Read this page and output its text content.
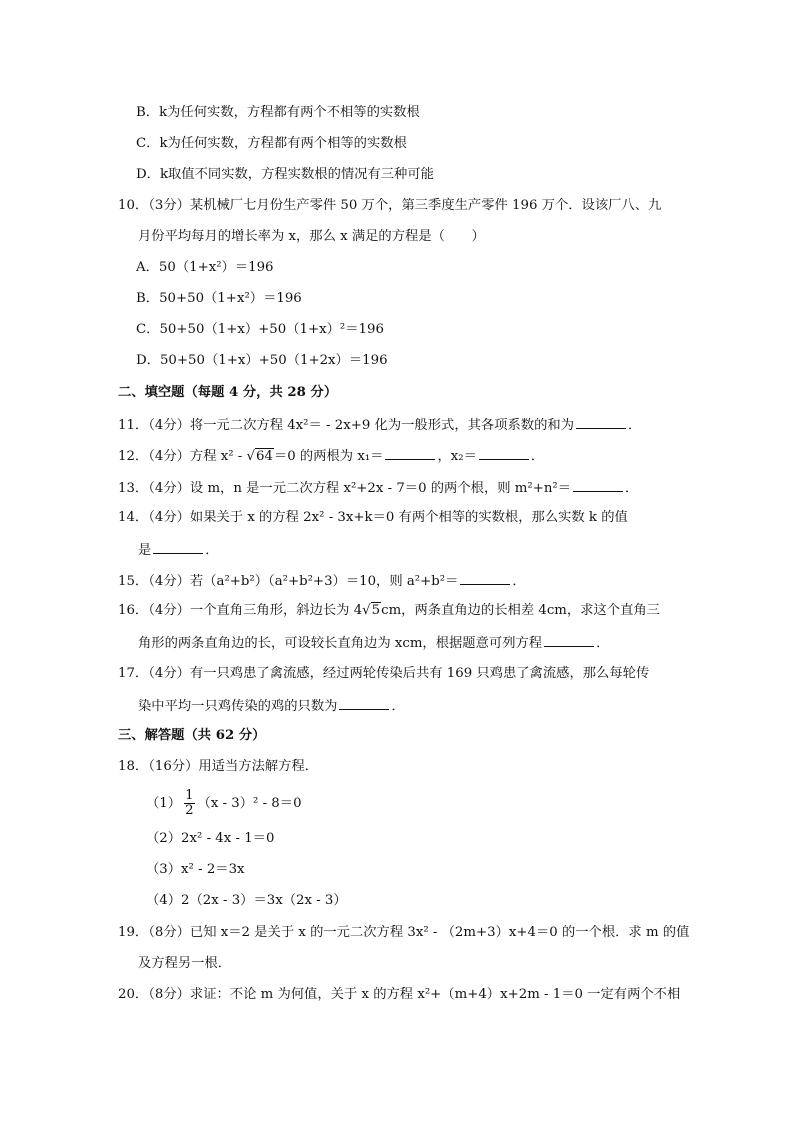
B．k为任何实数，方程都有两个不相等的实数根
C．k为任何实数，方程都有两个相等的实数根
D．k取值不同实数，方程实数根的情况有三种可能
10．（3分）某机械厂七月份生产零件 50 万个，第三季度生产零件 196 万个．设该厂八、九
月份平均每月的增长率为 x，那么 x 满足的方程是（　　）
A．50（1+x²）＝196
B．50+50（1+x²）＝196
C．50+50（1+x）+50（1+x）²＝196
D．50+50（1+x）+50（1+2x）＝196
二、填空题（每题 4 分，共 28 分）
11．（4分）将一元二次方程 4x²＝ - 2x+9 化为一般形式，其各项系数的和为	．
12．（4分）方程 x² - √64＝0 的两根为 x₁＝	，x₂＝	．
13．（4分）设 m，n 是一元二次方程 x²+2x - 7＝0 的两个根，则 m²+n²＝	．
14．（4分）如果关于 x 的方程 2x² - 3x+k＝0 有两个相等的实数根，那么实数 k 的值
是	．
15．（4分）若（a²+b²）（a²+b²+3）＝10，则 a²+b²＝	．
16．（4分）一个直角三角形，斜边长为 4√5cm，两条直角边的长相差 4cm，求这个直角三
角形的两条直角边的长，可设较长直角边为 xcm，根据题意可列方程	．
17．（4分）有一只鸡患了禽流感，经过两轮传染后共有 169 只鸡患了禽流感，那么每轮传
染中平均一只鸡传染的鸡的只数为	．
三、解答题（共 62 分）
18．（16分）用适当方法解方程．
$(1) \frac{1}{2} (x - 3)^2 - 8=0$
（2）2x² - 4x - 1＝0
（3）x² - 2＝3x
（4）2（2x - 3）＝3x（2x - 3）
19．（8分）已知 x＝2 是关于 x 的一元二次方程 3x² - （2m+3）x+4＝0 的一个根．求 m 的值
及方程另一根．
20．（8分）求证：不论 m 为何值，关于 x 的方程 x²+（m+4）x+2m - 1＝0 一定有两个不相
